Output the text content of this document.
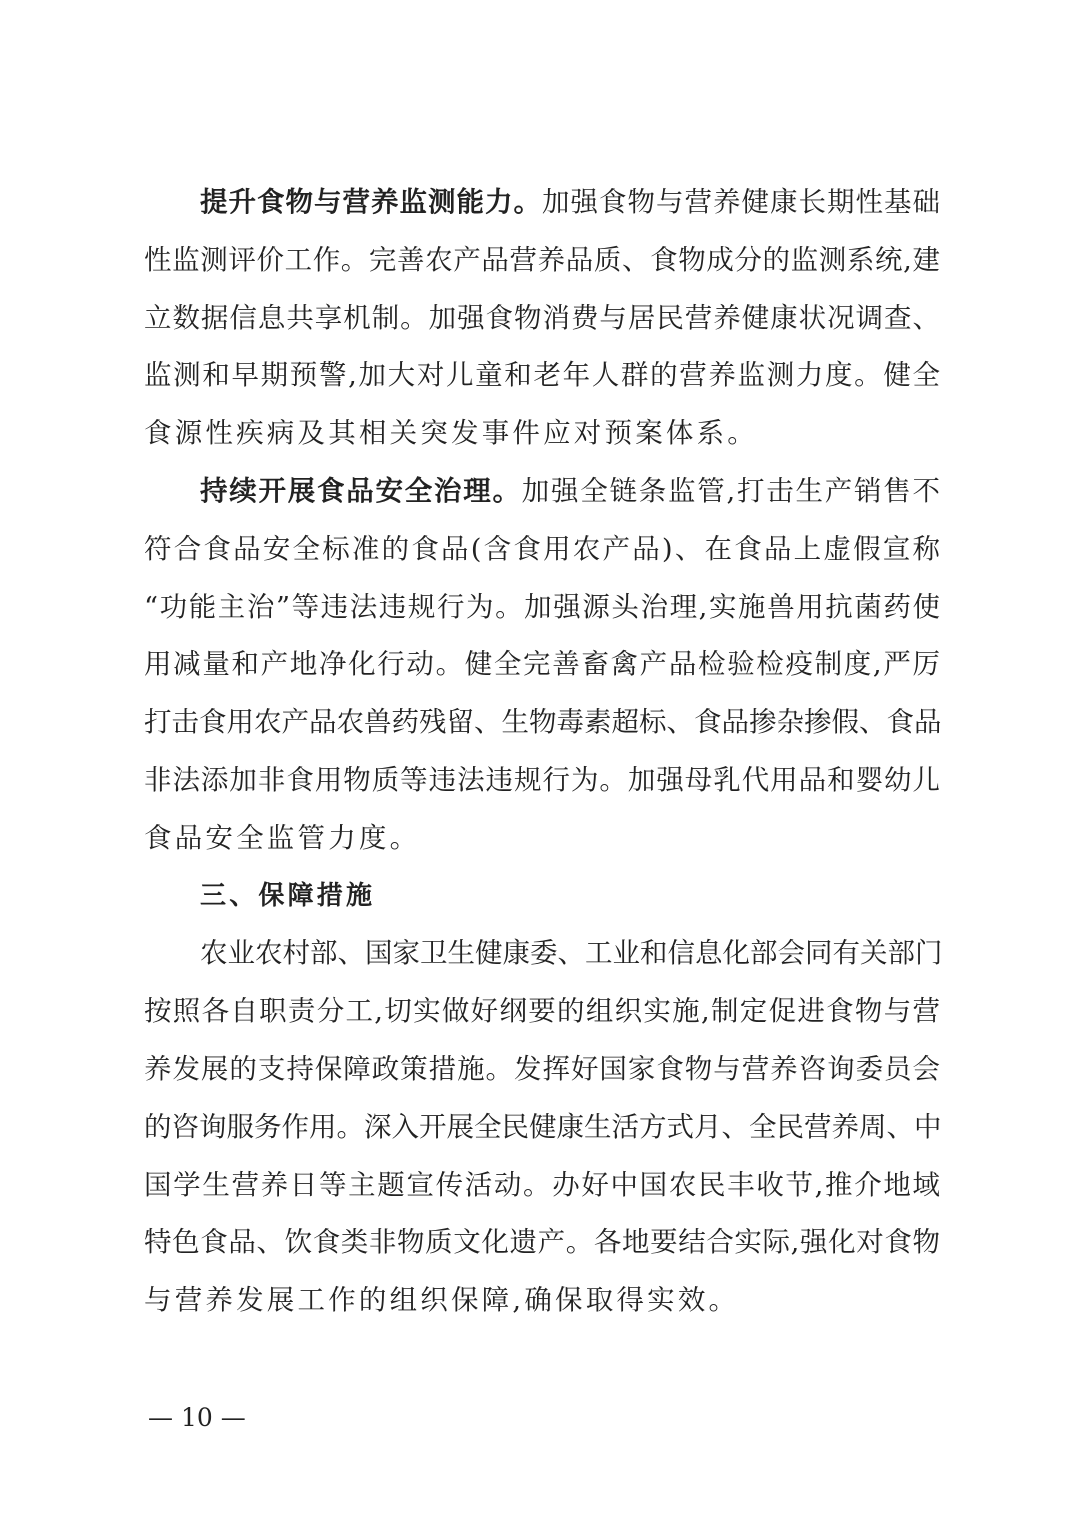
提升食物与营养监测能力。加强食物与营养健康长期性基础
性监测评价工作。完善农产品营养品质、食物成分的监测系统,建
立数据信息共享机制。加强食物消费与居民营养健康状况调查、
监测和早期预警,加大对儿童和老年人群的营养监测力度。健全
食源性疾病及其相关突发事件应对预案体系。
持续开展食品安全治理。加强全链条监管,打击生产销售不
符合食品安全标准的食品(含食用农产品)、在食品上虚假宣称
“功能主治”等违法违规行为。加强源头治理,实施兽用抗菌药使
用减量和产地净化行动。健全完善畜禽产品检验检疫制度,严厉
打击食用农产品农兽药残留、生物毒素超标、食品掺杂掺假、食品
非法添加非食用物质等违法违规行为。加强母乳代用品和婴幼儿
食品安全监管力度。
三、保障措施
农业农村部、国家卫生健康委、工业和信息化部会同有关部门
按照各自职责分工,切实做好纲要的组织实施,制定促进食物与营
养发展的支持保障政策措施。发挥好国家食物与营养咨询委员会
的咨询服务作用。深入开展全民健康生活方式月、全民营养周、中
国学生营养日等主题宣传活动。办好中国农民丰收节,推介地域
特色食品、饮食类非物质文化遗产。各地要结合实际,强化对食物
与营养发展工作的组织保障,确保取得实效。
— 10 —
